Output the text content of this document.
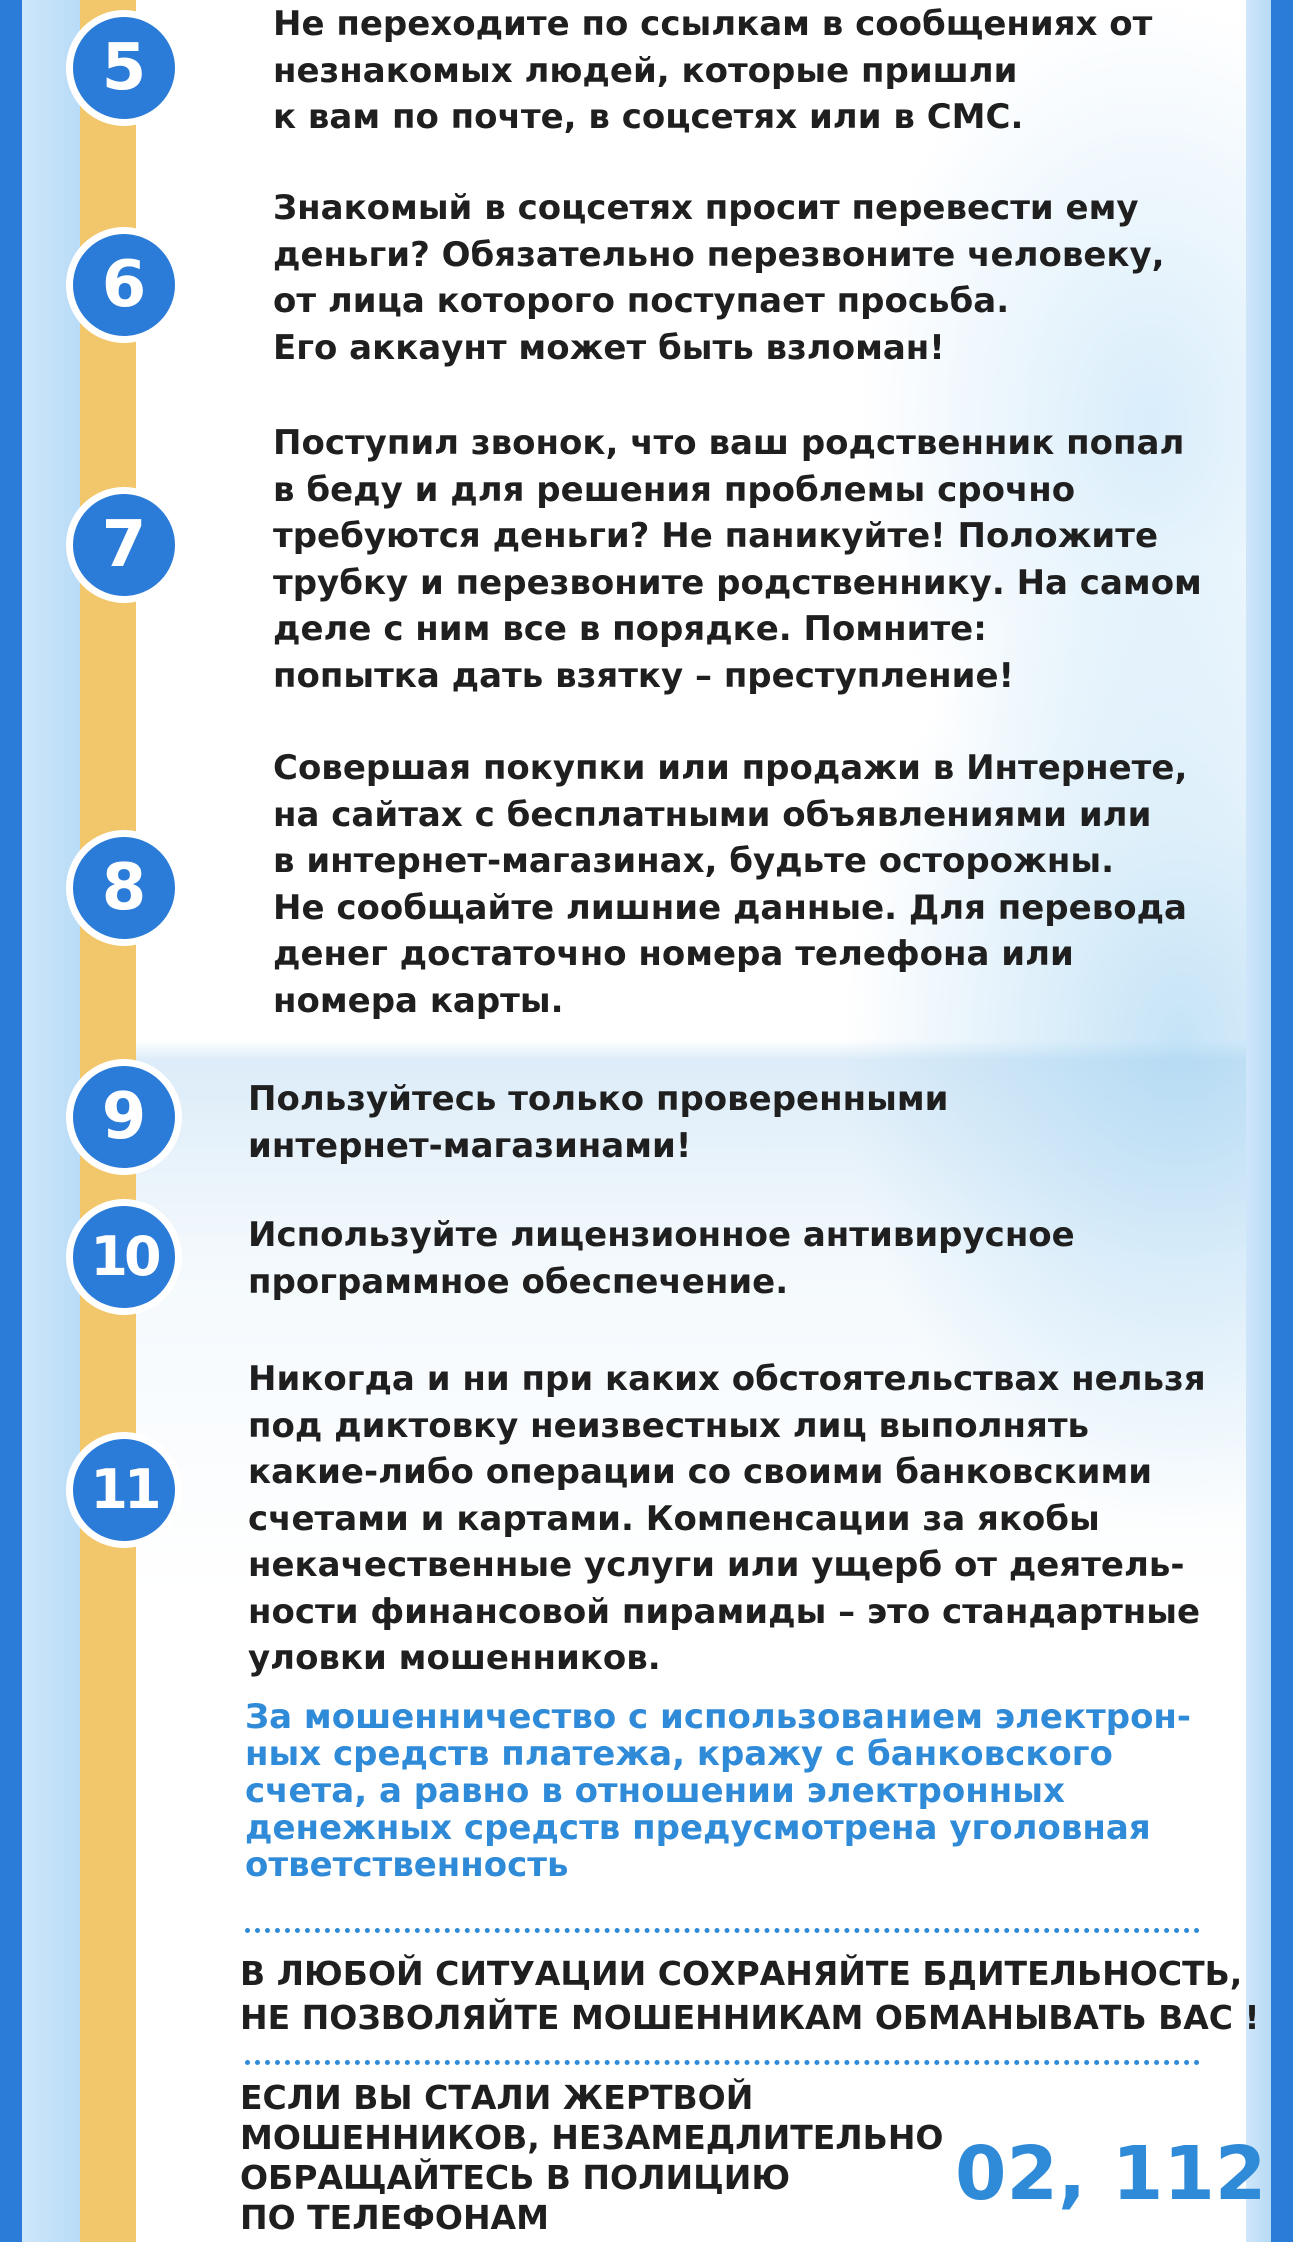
5
Не переходите по ссылкам в сообщениях от
незнакомых людей, которые пришли
к вам по почте, в соцсетях или в СМС.
6
Знакомый в соцсетях просит перевести ему
деньги? Обязательно перезвоните человеку,
от лица которого поступает просьба.
Его аккаунт может быть взломан!
7
Поступил звонок, что ваш родственник попал
в беду и для решения проблемы срочно
требуются деньги? Не паникуйте! Положите
трубку и перезвоните родственнику. На самом
деле с ним все в порядке. Помните:
попытка дать взятку – преступление!
8
Совершая покупки или продажи в Интернете,
на сайтах с бесплатными объявлениями или
в интернет-магазинах, будьте осторожны.
Не сообщайте лишние данные. Для перевода
денег достаточно номера телефона или
номера карты.
9	Пользуйтесь только проверенными
интернет-магазинами!
10	Используйте лицензионное антивирусное
программное обеспечение.
11
Никогда и ни при каких обстоятельствах нельзя
под диктовку неизвестных лиц выполнять
какие-либо операции со своими банковскими
счетами и картами. Компенсации за якобы
некачественные услуги или ущерб от деятель-
ности финансовой пирамиды – это стандартные
уловки мошенников.
За мошенничество с использованием электрон-
ных средств платежа, кражу с банковского
счета, а равно в отношении электронных
денежных средств предусмотрена уголовная
ответственность
В ЛЮБОЙ СИТУАЦИИ СОХРАНЯЙТЕ БДИТЕЛЬНОСТЬ,
НЕ ПОЗВОЛЯЙТЕ МОШЕННИКАМ ОБМАНЫВАТЬ ВАС !
ЕСЛИ ВЫ СТАЛИ ЖЕРТВОЙ
МОШЕННИКОВ, НЕЗАМЕДЛИТЕЛЬНО
ОБРАЩАЙТЕСЬ В ПОЛИЦИЮ
ПО ТЕЛЕФОНАМ
02, 112
